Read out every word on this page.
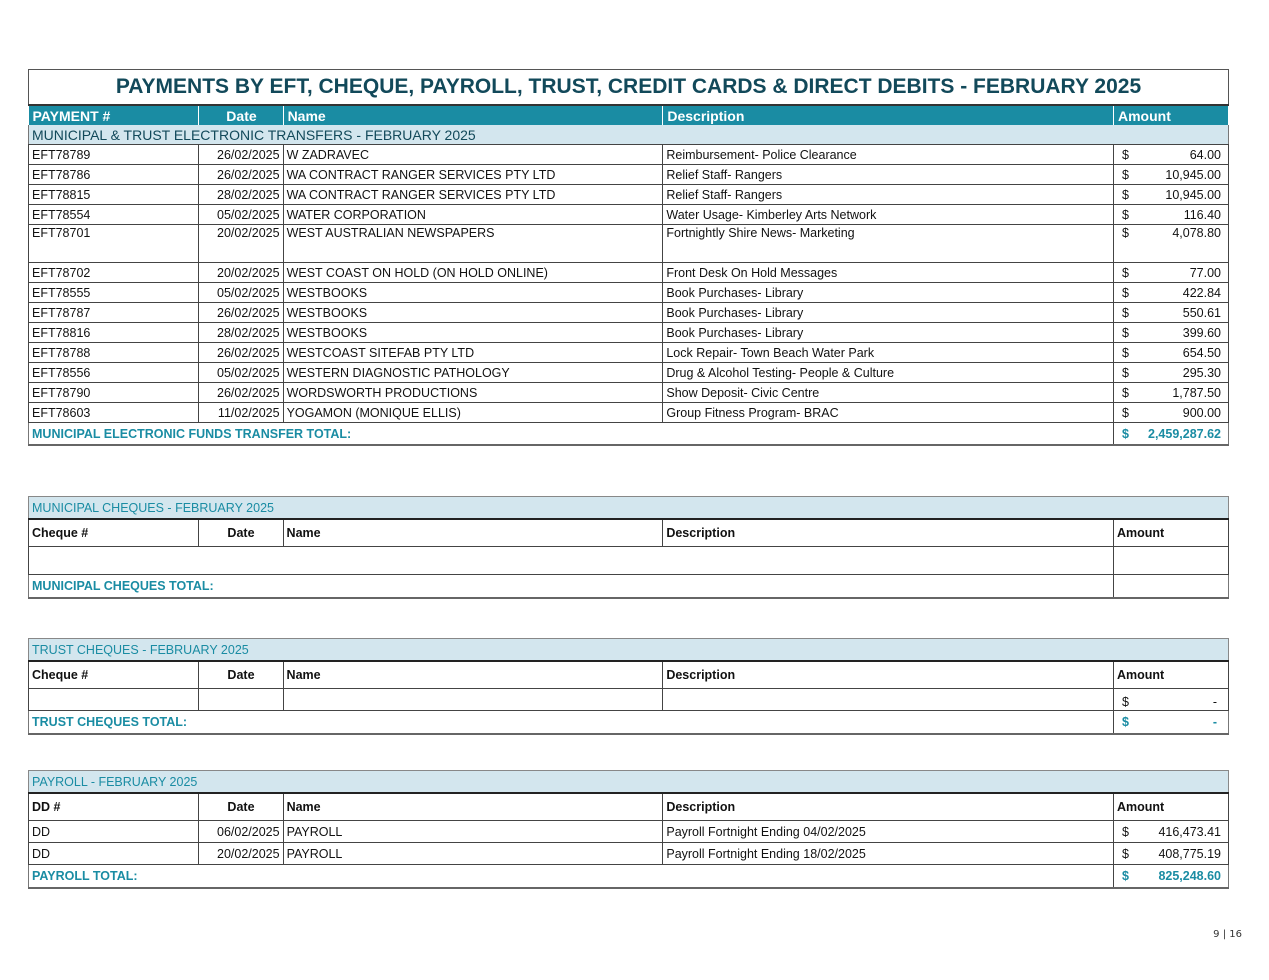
PAYMENTS BY EFT, CHEQUE, PAYROLL, TRUST, CREDIT CARDS & DIRECT DEBITS - FEBRUARY 2025				
PAYMENT #	Date	Name	Description	Amount
MUNICIPAL & TRUST ELECTRONIC TRANSFERS - FEBRUARY 2025				
EFT78789	26/02/2025	W ZADRAVEC	Reimbursement- Police Clearance	$ 64.00

EFT78786	26/02/2025	WA CONTRACT RANGER SERVICES PTY LTD	Relief Staff- Rangers	$ 10,945.00

EFT78815	28/02/2025	WA CONTRACT RANGER SERVICES PTY LTD	Relief Staff- Rangers	$ 10,945.00

EFT78554	05/02/2025	WATER CORPORATION	Water Usage- Kimberley Arts Network	$ 116.40

EFT78701	20/02/2025	WEST AUSTRALIAN NEWSPAPERS	Fortnightly Shire News- Marketing	$ 4,078.80

EFT78702	20/02/2025	WEST COAST ON HOLD (ON HOLD ONLINE)	Front Desk On Hold Messages	$ 77.00

EFT78555	05/02/2025	WESTBOOKS	Book Purchases- Library	$ 422.84

EFT78787	26/02/2025	WESTBOOKS	Book Purchases- Library	$ 550.61

EFT78816	28/02/2025	WESTBOOKS	Book Purchases- Library	$ 399.60

EFT78788	26/02/2025	WESTCOAST SITEFAB PTY LTD	Lock Repair- Town Beach Water Park	$ 654.50

EFT78556	05/02/2025	WESTERN DIAGNOSTIC PATHOLOGY	Drug & Alcohol Testing- People & Culture	$ 295.30

EFT78790	26/02/2025	WORDSWORTH PRODUCTIONS	Show Deposit- Civic Centre	$ 1,787.50

EFT78603	11/02/2025	YOGAMON (MONIQUE ELLIS)	Group Fitness Program- BRAC	$ 900.00

MUNICIPAL ELECTRONIC FUNDS TRANSFER TOTAL:				$ 2,459,287.62
MUNICIPAL CHEQUES - FEBRUARY 2025				
Cheque #	Date	Name	Description	Amount

MUNICIPAL CHEQUES TOTAL:				
TRUST CHEQUES - FEBRUARY 2025				
Cheque #	Date	Name	Description	Amount

				$ -

TRUST CHEQUES TOTAL:				$ -
PAYROLL - FEBRUARY 2025				
DD #	Date	Name	Description	Amount
DD	06/02/2025	PAYROLL	Payroll Fortnight Ending 04/02/2025	$ 416,473.41

DD	20/02/2025	PAYROLL	Payroll Fortnight Ending 18/02/2025	$ 408,775.19

PAYROLL TOTAL:				$ 825,248.60
9 | 16
